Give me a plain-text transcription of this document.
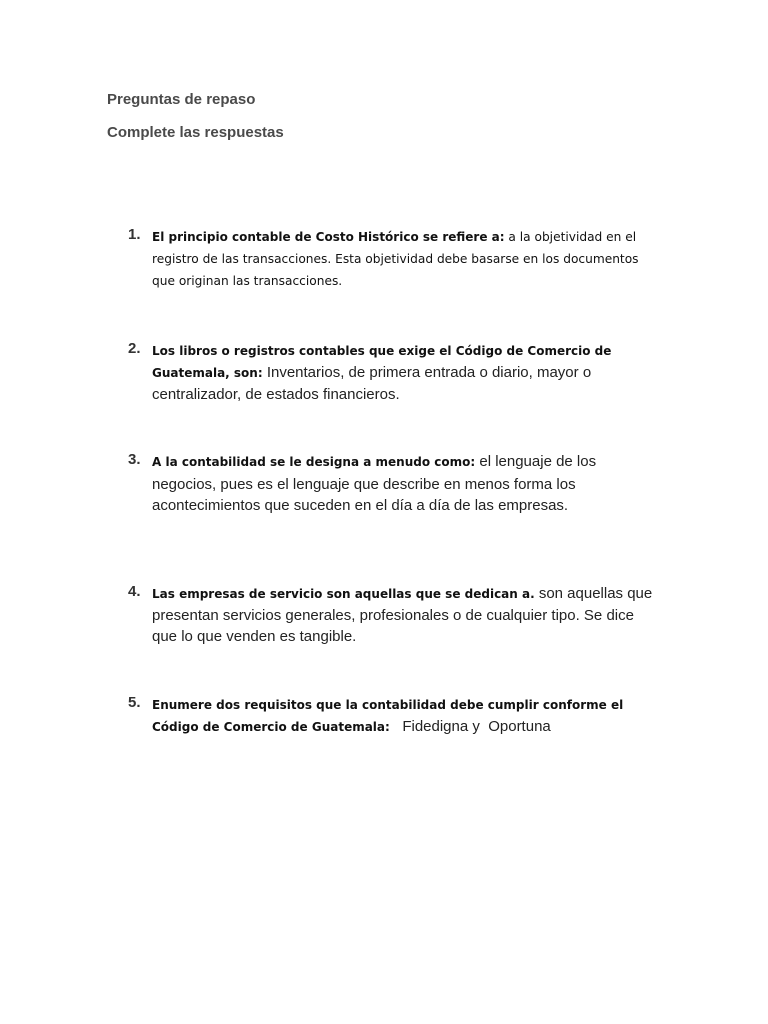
Preguntas de repaso
Complete las respuestas
1. El principio contable de Costo Histórico se refiere a: a la objetividad en el registro de las transacciones. Esta objetividad debe basarse en los documentos que originan las transacciones.

2. Los libros o registros contables que exige el Código de Comercio de Guatemala, son: Inventarios, de primera entrada o diario, mayor o centralizador, de estados financieros.

3. A la contabilidad se le designa a menudo como: el lenguaje de los negocios, pues es el lenguaje que describe en menos forma los acontecimientos que suceden en el día a día de las empresas.

4. Las empresas de servicio son aquellas que se dedican a. son aquellas que presentan servicios generales, profesionales o de cualquier tipo. Se dice que lo que venden es tangible.

5. Enumere dos requisitos que la contabilidad debe cumplir conforme el Código de Comercio de Guatemala:   Fidedigna y  Oportuna
